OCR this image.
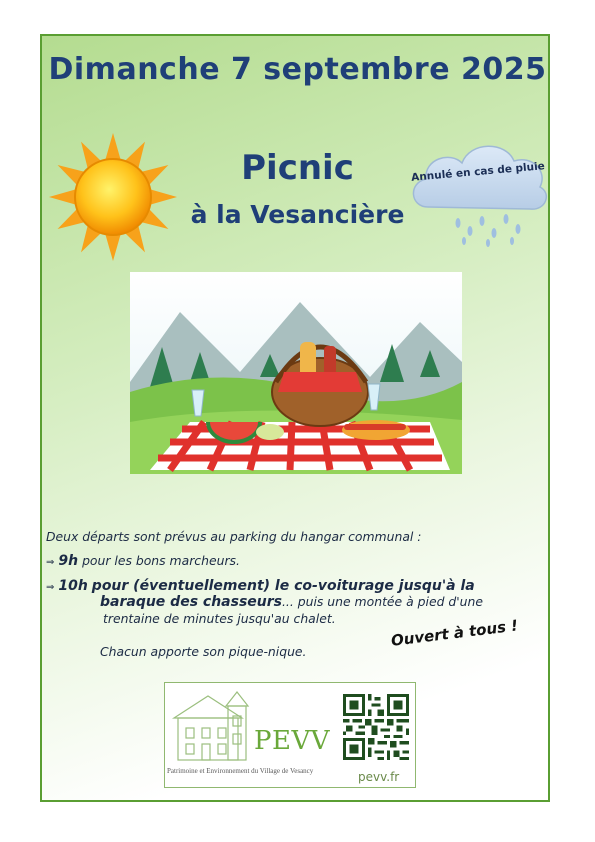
Dimanche 7 septembre 2025
Picnic
à la Vesancière
Annulé en cas de pluie
Deux départs sont prévus au parking du hangar communal :
⇒ 9h pour les bons marcheurs.
⇒ 10h pour (éventuellement) le co-voiturage jusqu'à la
baraque des chasseurs... puis une montée à pied d'une
trentaine de minutes jusqu'au chalet.
Chacun apporte son pique-nique.
Ouvert à tous !
PEVV
Patrimoine et Environnement du Village de Vesancy	pevv.fr
